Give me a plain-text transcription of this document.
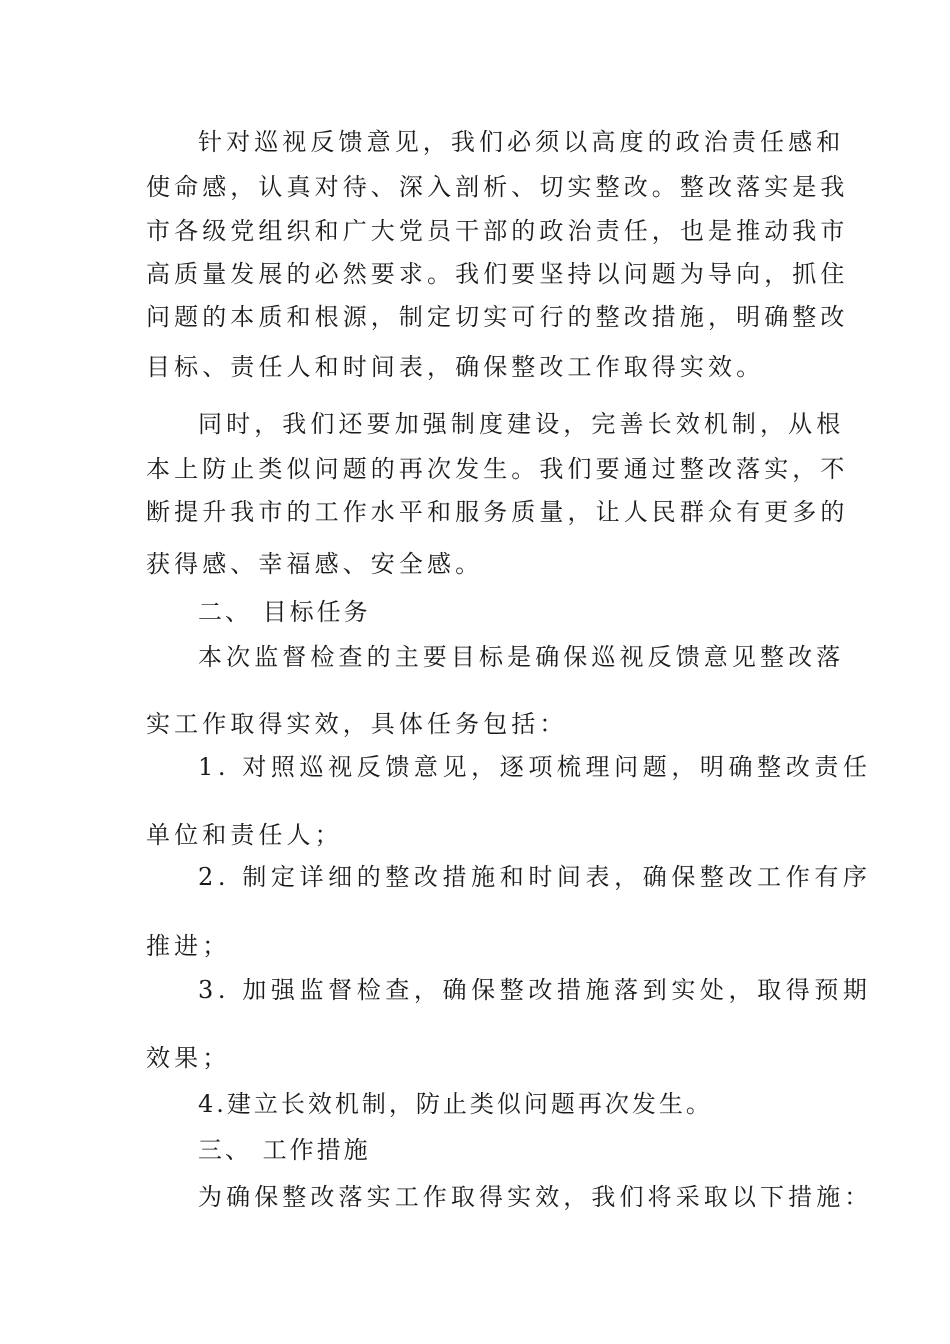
针对巡视反馈意见，我们必须以高度的政治责任感和
使命感，认真对待、深入剖析、切实整改。整改落实是我
市各级党组织和广大党员干部的政治责任，也是推动我市
高质量发展的必然要求。我们要坚持以问题为导向，抓住
问题的本质和根源，制定切实可行的整改措施，明确整改
目标、责任人和时间表，确保整改工作取得实效。
同时，我们还要加强制度建设，完善长效机制，从根
本上防止类似问题的再次发生。我们要通过整改落实，不
断提升我市的工作水平和服务质量，让人民群众有更多的
获得感、幸福感、安全感。
二、 目标任务
本次监督检查的主要目标是确保巡视反馈意见整改落
实工作取得实效，具体任务包括：
1. 对照巡视反馈意见，逐项梳理问题，明确整改责任
单位和责任人；
2. 制定详细的整改措施和时间表，确保整改工作有序
推进；
3. 加强监督检查，确保整改措施落到实处，取得预期
效果；
4.建立长效机制，防止类似问题再次发生。
三、 工作措施
为确保整改落实工作取得实效，我们将采取以下措施：
